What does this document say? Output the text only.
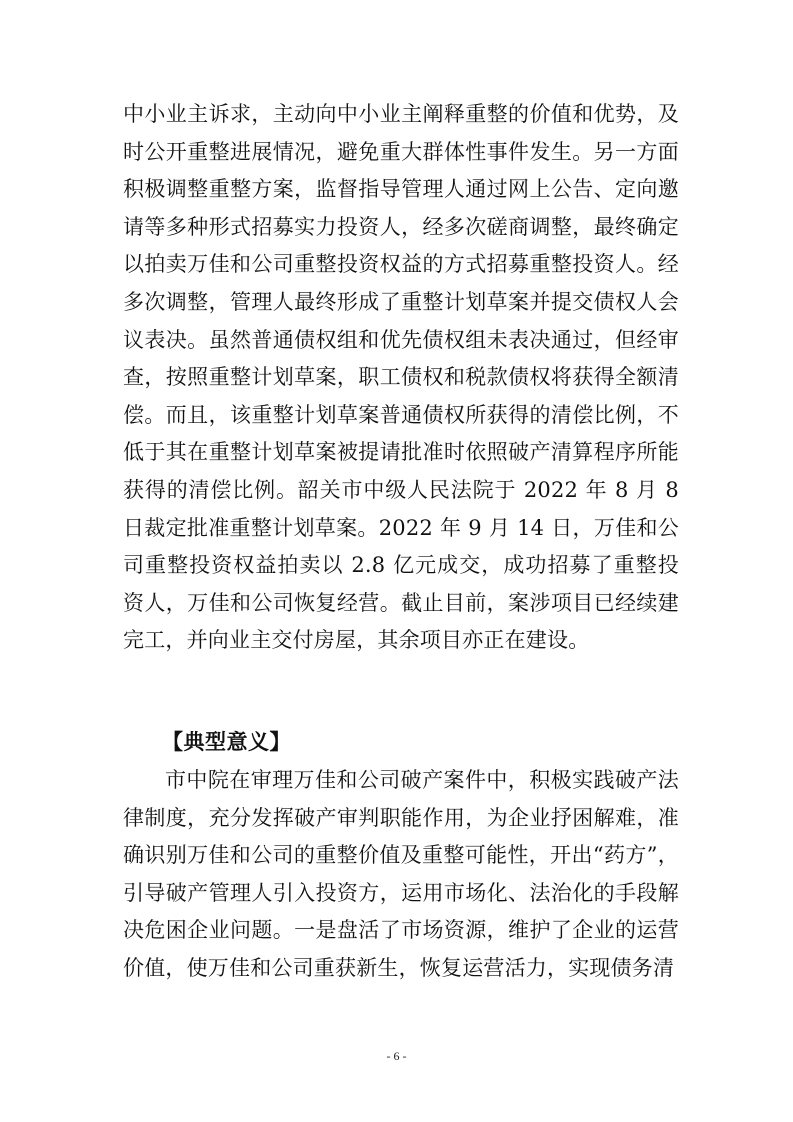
中小业主诉求，主动向中小业主阐释重整的价值和优势，及时公开重整进展情况，避免重大群体性事件发生。另一方面积极调整重整方案，监督指导管理人通过网上公告、定向邀请等多种形式招募实力投资人，经多次磋商调整，最终确定以拍卖万佳和公司重整投资权益的方式招募重整投资人。经多次调整，管理人最终形成了重整计划草案并提交债权人会议表决。虽然普通债权组和优先债权组未表决通过，但经审查，按照重整计划草案，职工债权和税款债权将获得全额清偿。而且，该重整计划草案普通债权所获得的清偿比例，不低于其在重整计划草案被提请批准时依照破产清算程序所能获得的清偿比例。韶关市中级人民法院于 2022 年 8 月 8 日裁定批准重整计划草案。2022 年 9 月 14 日，万佳和公司重整投资权益拍卖以 2.8 亿元成交，成功招募了重整投资人，万佳和公司恢复经营。截止目前，案涉项目已经续建完工，并向业主交付房屋，其余项目亦正在建设。

【典型意义】

市中院在审理万佳和公司破产案件中，积极实践破产法律制度，充分发挥破产审判职能作用，为企业抒困解难，准确识别万佳和公司的重整价值及重整可能性，开出“药方”，引导破产管理人引入投资方，运用市场化、法治化的手段解决危困企业问题。一是盘活了市场资源，维护了企业的运营价值，使万佳和公司重获新生，恢复运营活力，实现债务清

- 6 -
